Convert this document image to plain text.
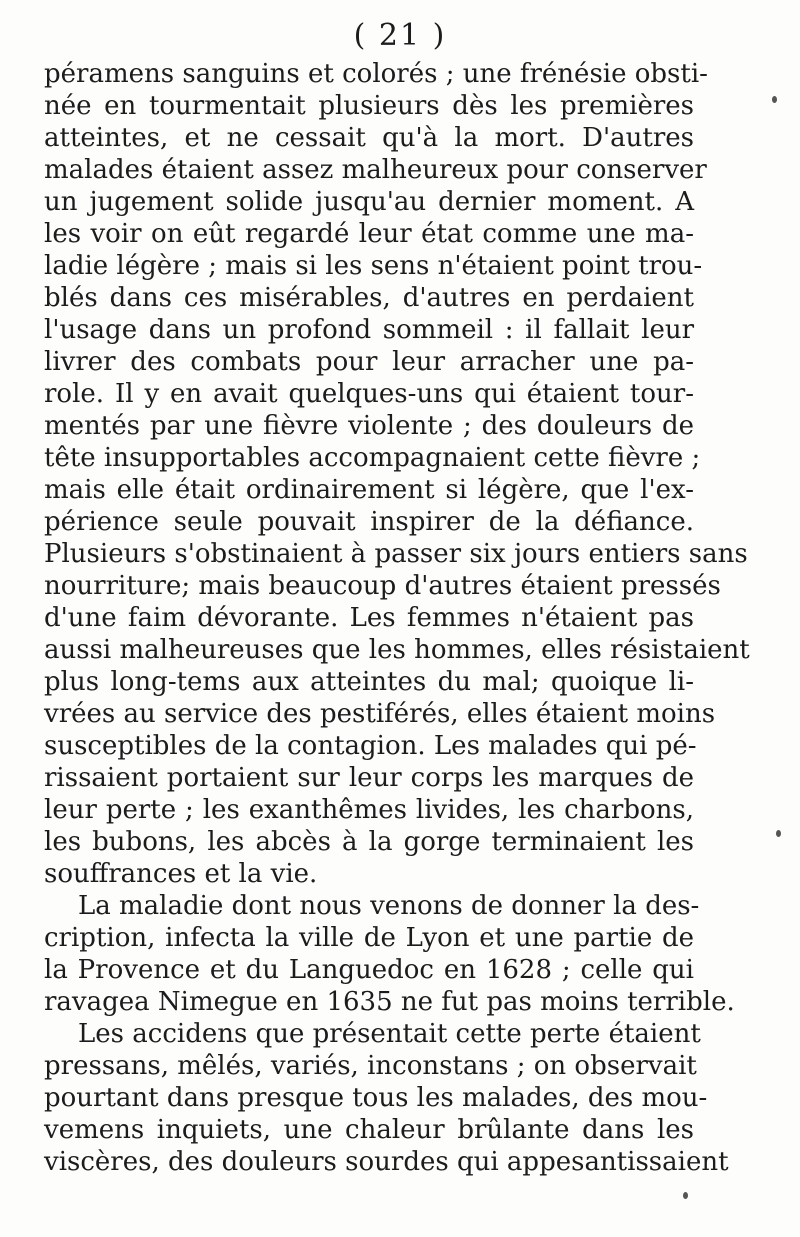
( 21 )
péramens sanguins et colorés ; une frénésie obsti-
née en tourmentait plusieurs dès les premières
atteintes, et ne cessait qu'à la mort. D'autres
malades étaient assez malheureux pour conserver
un jugement solide jusqu'au dernier moment. A
les voir on eût regardé leur état comme une ma-
ladie légère ; mais si les sens n'étaient point trou-
blés dans ces misérables, d'autres en perdaient
l'usage dans un profond sommeil : il fallait leur
livrer des combats pour leur arracher une pa-
role. Il y en avait quelques-uns qui étaient tour-
mentés par une fièvre violente ; des douleurs de
tête insupportables accompagnaient cette fièvre ;
mais elle était ordinairement si légère, que l'ex-
périence seule pouvait inspirer de la défiance.
Plusieurs s'obstinaient à passer six jours entiers sans
nourriture; mais beaucoup d'autres étaient pressés
d'une faim dévorante. Les femmes n'étaient pas
aussi malheureuses que les hommes, elles résistaient
plus long-tems aux atteintes du mal; quoique li-
vrées au service des pestiférés, elles étaient moins
susceptibles de la contagion. Les malades qui pé-
rissaient portaient sur leur corps les marques de
leur perte ; les exanthêmes livides, les charbons,
les bubons, les abcès à la gorge terminaient les
souffrances et la vie.
La maladie dont nous venons de donner la des-
cription, infecta la ville de Lyon et une partie de
la Provence et du Languedoc en 1628 ; celle qui
ravagea Nimegue en 1635 ne fut pas moins terrible.
Les accidens que présentait cette perte étaient
pressans, mêlés, variés, inconstans ; on observait
pourtant dans presque tous les malades, des mou-
vemens inquiets, une chaleur brûlante dans les
viscères, des douleurs sourdes qui appesantissaient
